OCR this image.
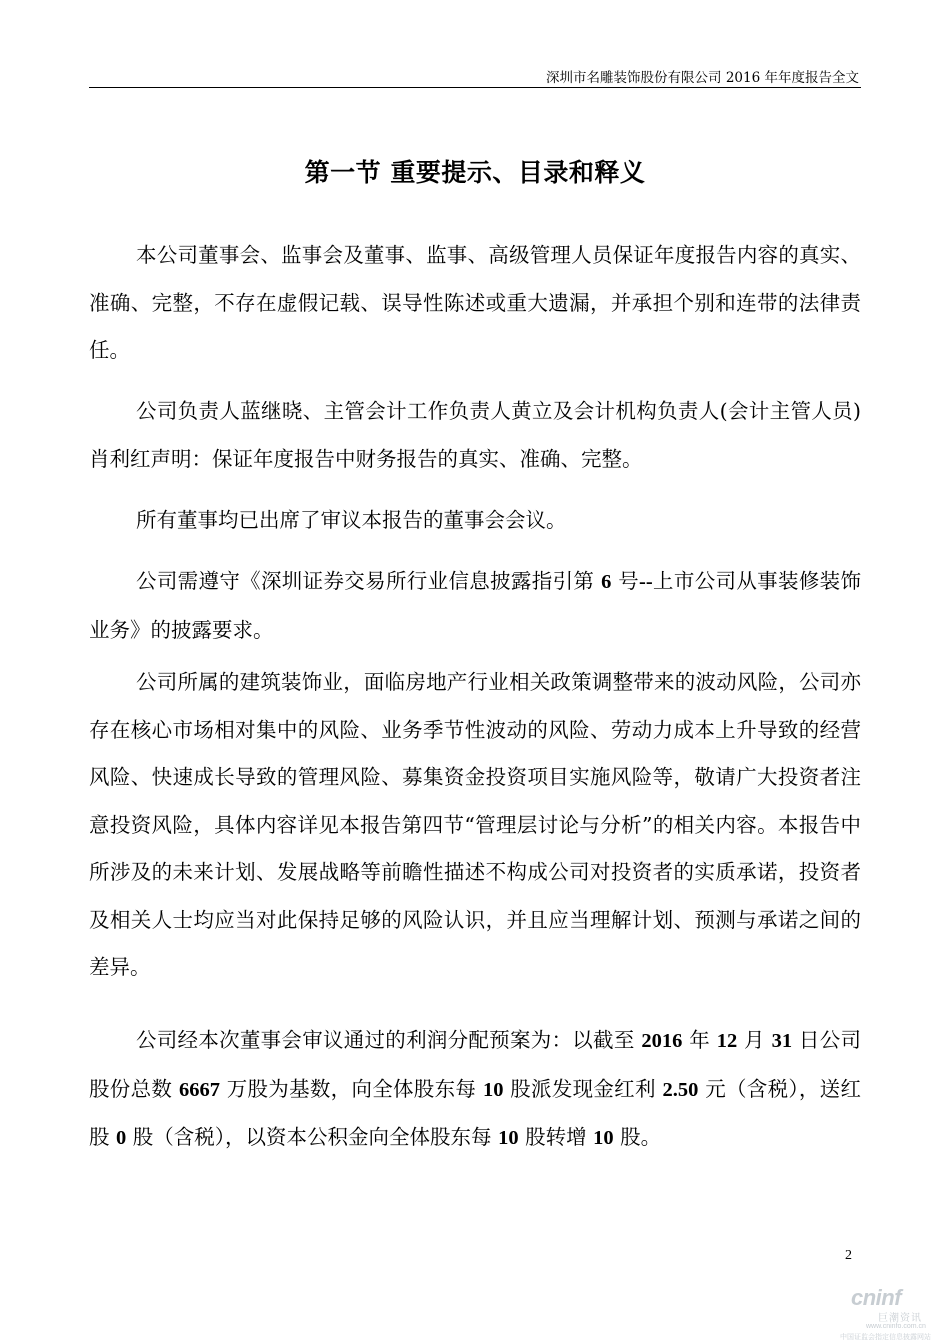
深圳市名雕装饰股份有限公司 2016 年年度报告全文
第一节 重要提示、目录和释义

本公司董事会、监事会及董事、监事、高级管理人员保证年度报告内容的真实、准确、完整，不存在虚假记载、误导性陈述或重大遗漏，并承担个别和连带的法律责任。

公司负责人蓝继晓、主管会计工作负责人黄立及会计机构负责人(会计主管人员)肖利红声明：保证年度报告中财务报告的真实、准确、完整。

所有董事均已出席了审议本报告的董事会会议。

公司需遵守《深圳证券交易所行业信息披露指引第 6 号--上市公司从事装修装饰业务》的披露要求。

公司所属的建筑装饰业，面临房地产行业相关政策调整带来的波动风险，公司亦存在核心市场相对集中的风险、业务季节性波动的风险、劳动力成本上升导致的经营风险、快速成长导致的管理风险、募集资金投资项目实施风险等，敬请广大投资者注意投资风险，具体内容详见本报告第四节“管理层讨论与分析”的相关内容。本报告中所涉及的未来计划、发展战略等前瞻性描述不构成公司对投资者的实质承诺，投资者及相关人士均应当对此保持足够的风险认识，并且应当理解计划、预测与承诺之间的差异。

公司经本次董事会审议通过的利润分配预案为：以截至 2016 年 12 月 31 日公司股份总数 6667 万股为基数，向全体股东每 10 股派发现金红利 2.50 元（含税），送红股 0 股（含税），以资本公积金向全体股东每 10 股转增 10 股。

2
cninf
巨潮资讯
www.cninfo.com.cn
中国证监会指定信息披露网站
